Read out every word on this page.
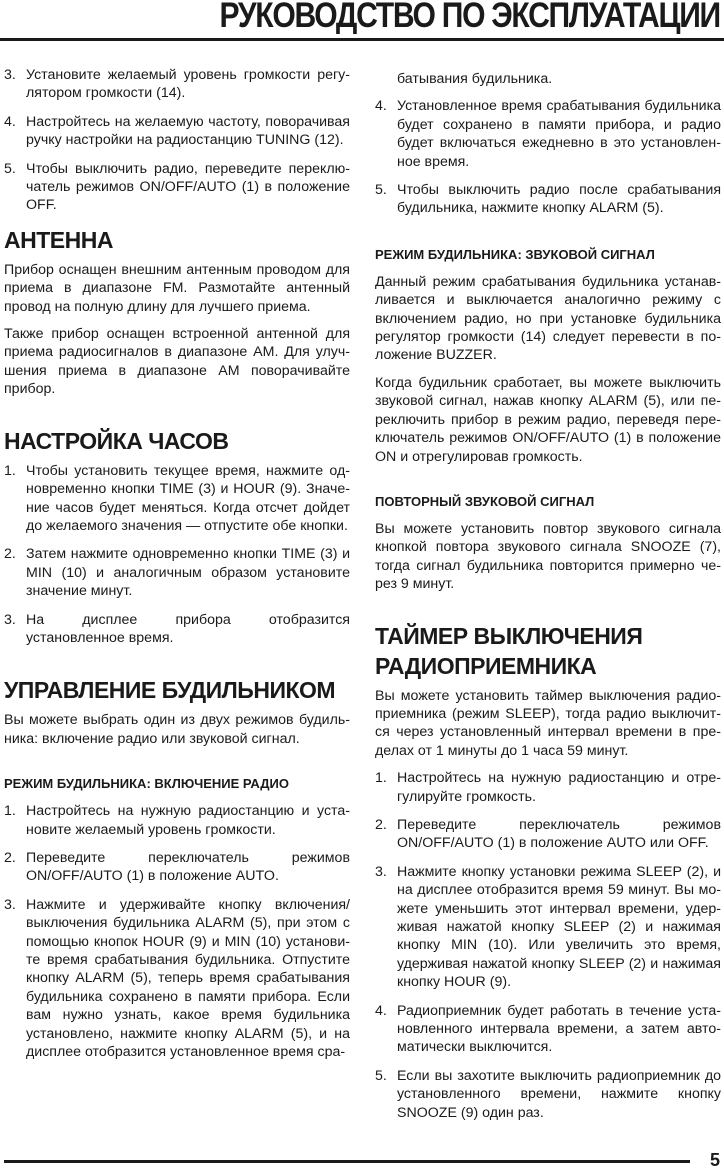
РУКОВОДСТВО ПО ЭКСПЛУАТАЦИИ
3. Установите желаемый уровень громкости регулятором громкости (14).
4. Настройтесь на желаемую частоту, поворачивая ручку настройки на радиостанцию TUNING (12).
5. Чтобы выключить радио, переведите переключатель режимов ON/OFF/AUTO (1) в положение OFF.
АНТЕННА

Прибор оснащен внешним антенным проводом для приема в диапазоне FM. Размотайте антенный провод на полную длину для лучшего приема.

Также прибор оснащен встроенной антенной для приема радиосигналов в диапазоне AM. Для улучшения приема в диапазоне AM поворачивайте прибор.

НАСТРОЙКА ЧАСОВ
1. Чтобы установить текущее время, нажмите одновременно кнопки TIME (3) и HOUR (9). Значение часов будет меняться. Когда отсчет дойдет до желаемого значения — отпустите обе кнопки.
2. Затем нажмите одновременно кнопки TIME (3) и MIN (10) и аналогичным образом установите значение минут.
3. На дисплее прибора отобразится установленное время.
УПРАВЛЕНИЕ БУДИЛЬНИКОМ

Вы можете выбрать один из двух режимов будильника: включение радио или звуковой сигнал.

РЕЖИМ БУДИЛЬНИКА: ВКЛЮЧЕНИЕ РАДИО
1. Настройтесь на нужную радиостанцию и установите желаемый уровень громкости.
2. Переведите переключатель режимов ON/OFF/AUTO (1) в положение AUTO.
3. Нажмите и удерживайте кнопку включения/выключения будильника ALARM (5), при этом с помощью кнопок HOUR (9) и MIN (10) установите время срабатывания будильника. Отпустите кнопку ALARM (5), теперь время срабатывания будильника сохранено в памяти прибора. Если вам нужно узнать, какое время будильника установлено, нажмите кнопку ALARM (5), и на дисплее отобразится установленное время сра-

батывания будильника.

4. Установленное время срабатывания будильника будет сохранено в памяти прибора, и радио будет включаться ежедневно в это установленное время.
5. Чтобы выключить радио после срабатывания будильника, нажмите кнопку ALARM (5).
РЕЖИМ БУДИЛЬНИКА: ЗВУКОВОЙ СИГНАЛ

Данный режим срабатывания будильника устанавливается и выключается аналогично режиму с включением радио, но при установке будильника регулятор громкости (14) следует перевести в положение BUZZER.

Когда будильник сработает, вы можете выключить звуковой сигнал, нажав кнопку ALARM (5), или переключить прибор в режим радио, переведя переключатель режимов ON/OFF/AUTO (1) в положение ON и отрегулировав громкость.

ПОВТОРНЫЙ ЗВУКОВОЙ СИГНАЛ

Вы можете установить повтор звукового сигнала кнопкой повтора звукового сигнала SNOOZE (7), тогда сигнал будильника повторится примерно через 9 минут.

ТАЙМЕР ВЫКЛЮЧЕНИЯ РАДИОПРИЕМНИКА

Вы можете установить таймер выключения радиоприемника (режим SLEEP), тогда радио выключится через установленный интервал времени в пределах от 1 минуты до 1 часа 59 минут.

1. Настройтесь на нужную радиостанцию и отрегулируйте громкость.
2. Переведите переключатель режимов ON/OFF/AUTO (1) в положение AUTO или OFF.
3. Нажмите кнопку установки режима SLEEP (2), и на дисплее отобразится время 59 минут. Вы можете уменьшить этот интервал времени, удерживая нажатой кнопку SLEEP (2) и нажимая кнопку MIN (10). Или увеличить это время, удерживая нажатой кнопку SLEEP (2) и нажимая кнопку HOUR (9).
4. Радиоприемник будет работать в течение установленного интервала времени, а затем автоматически выключится.
5. Если вы захотите выключить радиоприемник до установленного времени, нажмите кнопку SNOOZE (9) один раз.
5
